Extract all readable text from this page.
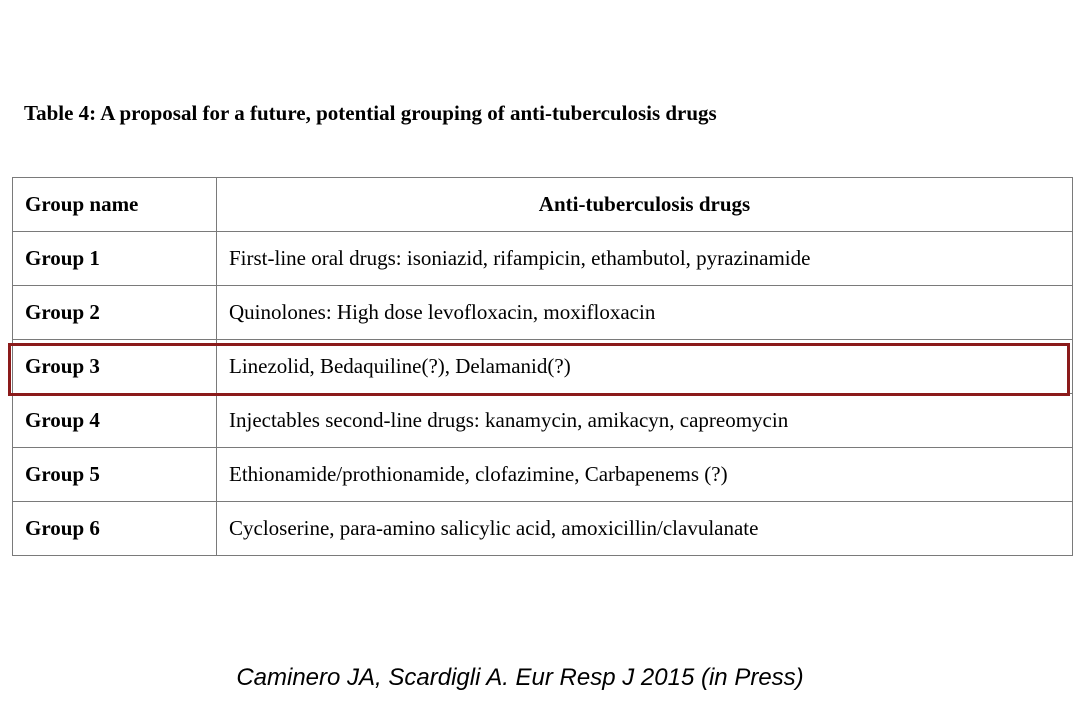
Table 4: A proposal for a future, potential grouping of anti-tuberculosis drugs
Group name	Anti-tuberculosis drugs
Group 1	First-line oral drugs: isoniazid, rifampicin, ethambutol, pyrazinamide
Group 2	Quinolones: High dose levofloxacin, moxifloxacin
Group 3	Linezolid, Bedaquiline(?), Delamanid(?)
Group 4	Injectables second-line drugs: kanamycin, amikacyn, capreomycin
Group 5	Ethionamide/prothionamide, clofazimine, Carbapenems (?)
Group 6	Cycloserine, para-amino salicylic acid, amoxicillin/clavulanate
Caminero JA, Scardigli A. Eur Resp J 2015 (in Press)
